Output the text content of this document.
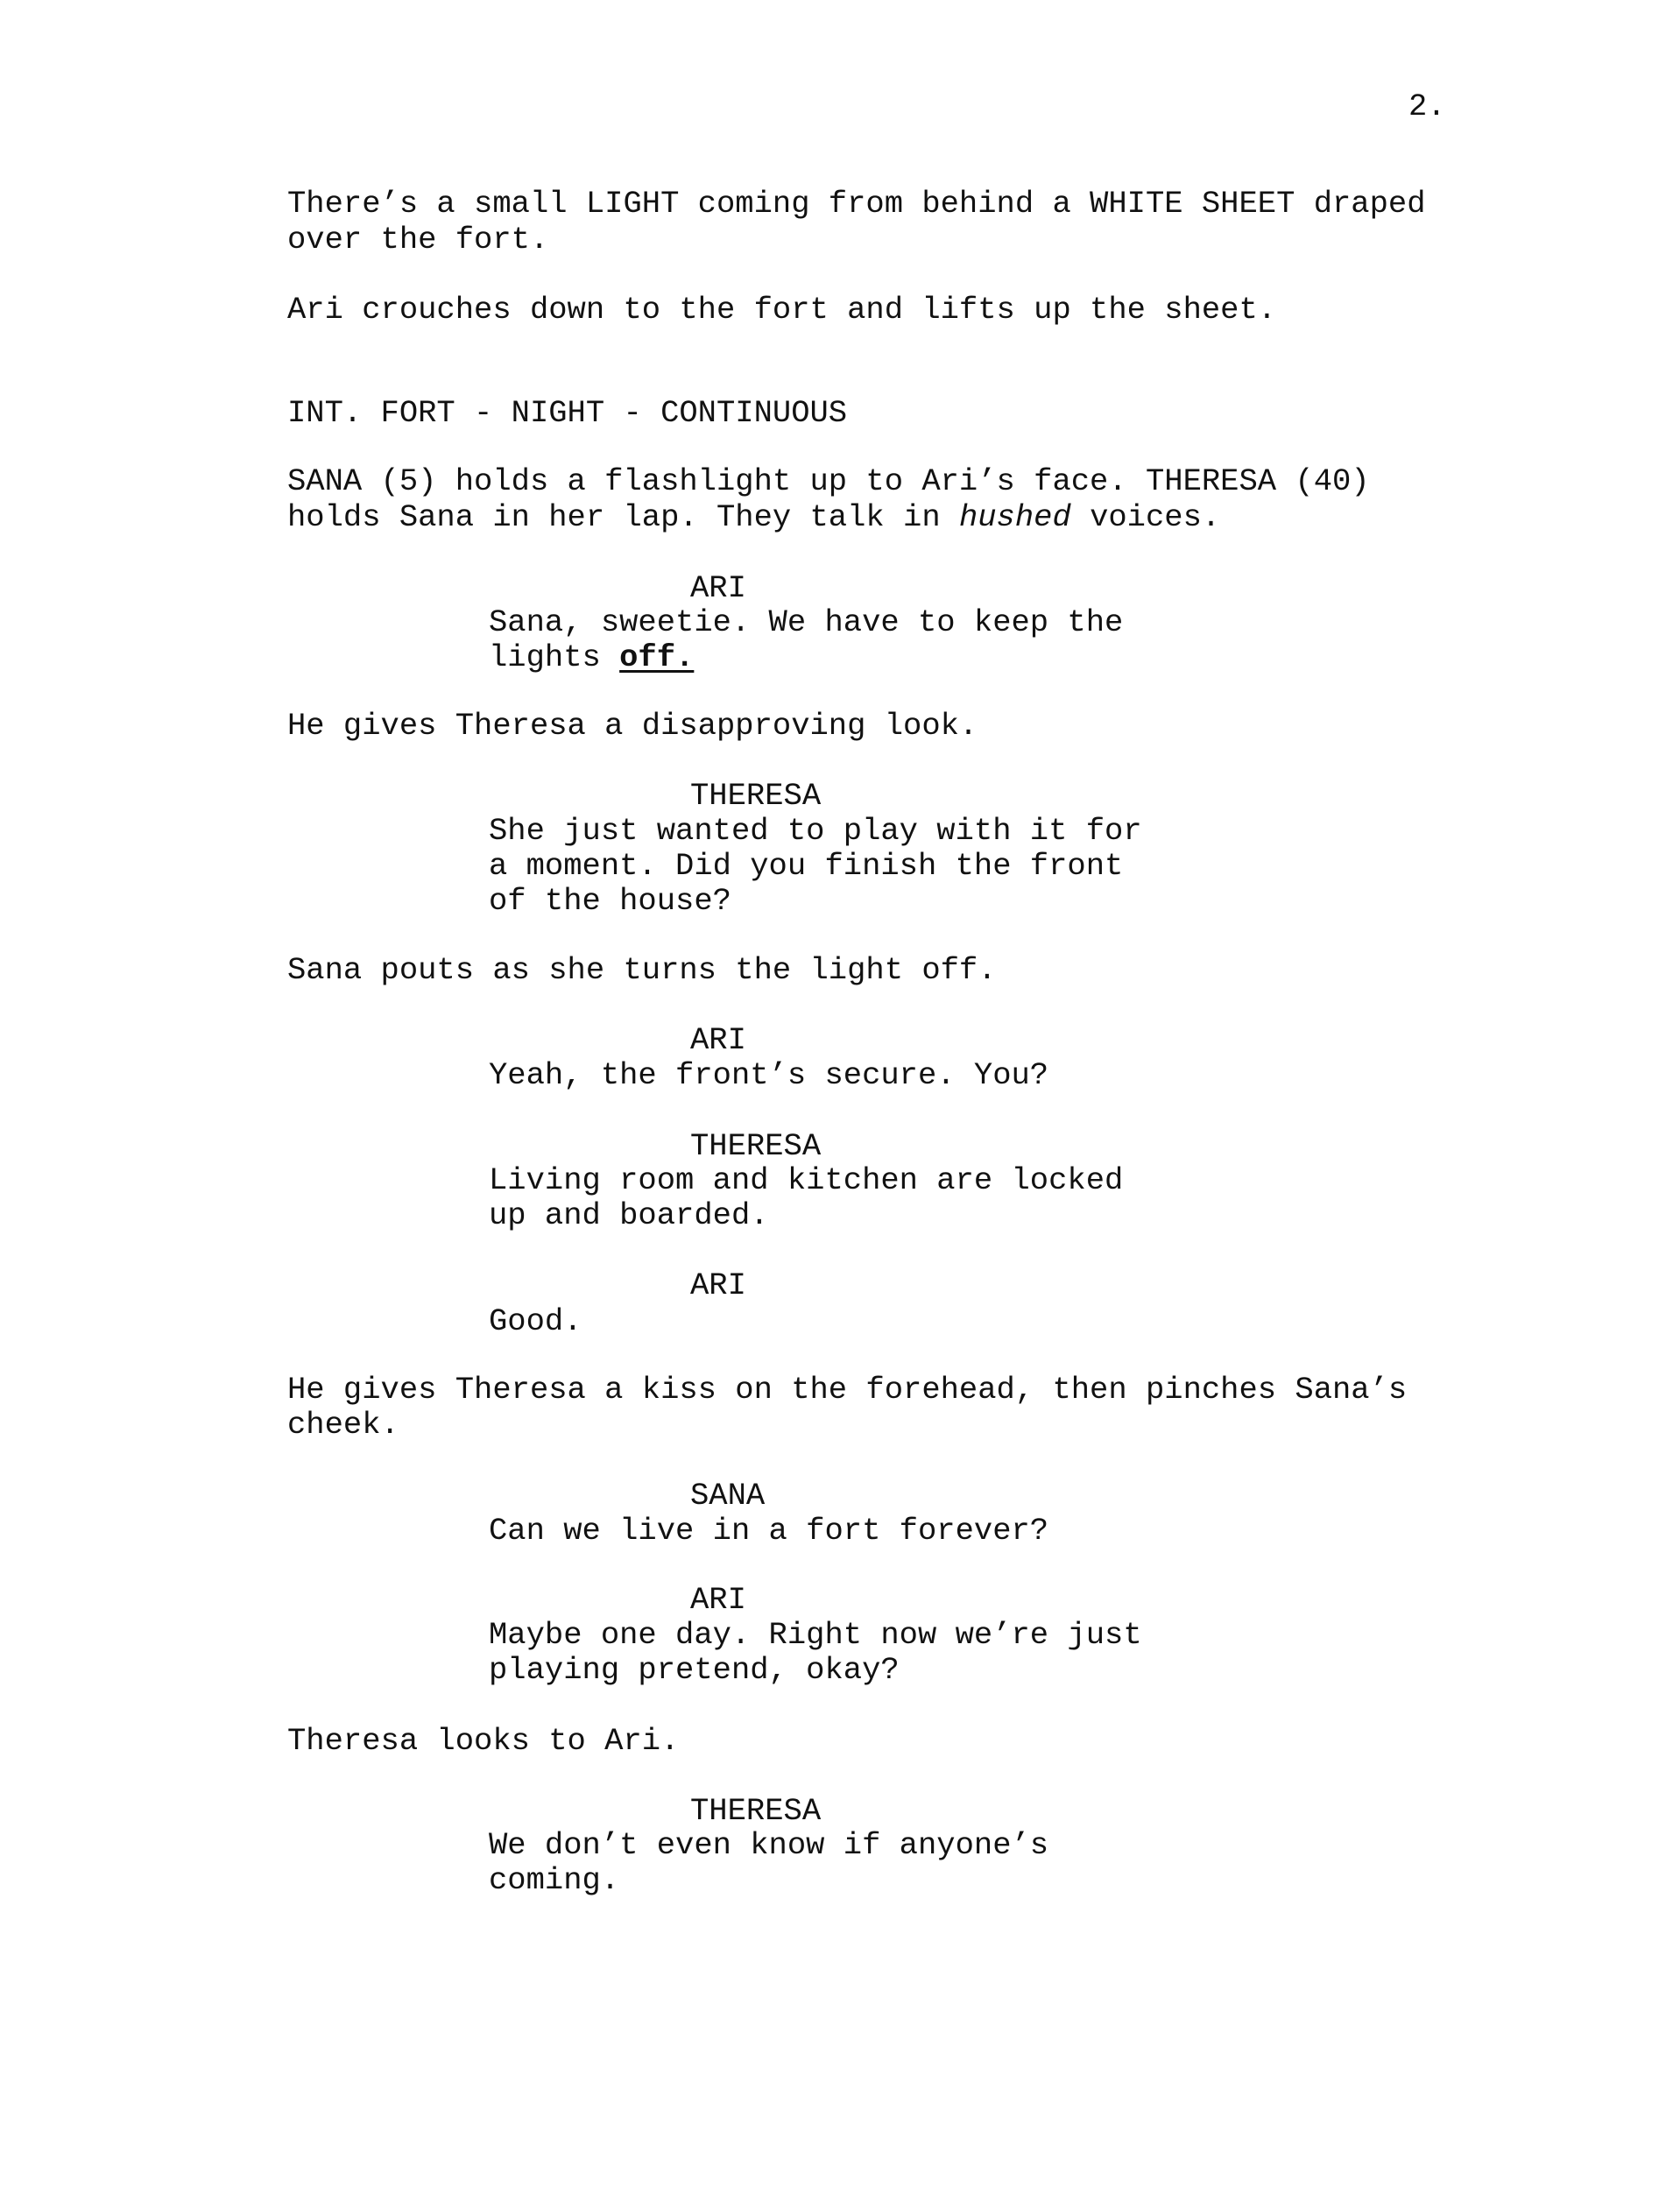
2.
There’s a small LIGHT coming from behind a WHITE SHEET draped
over the fort.
Ari crouches down to the fort and lifts up the sheet.
INT. FORT - NIGHT - CONTINUOUS
SANA (5) holds a flashlight up to Ari’s face. THERESA (40)
holds Sana in her lap. They talk in hushed voices.
ARI
Sana, sweetie. We have to keep the
lights off.
He gives Theresa a disapproving look.
THERESA
She just wanted to play with it for
a moment. Did you finish the front
of the house?
Sana pouts as she turns the light off.
ARI
Yeah, the front’s secure. You?
THERESA
Living room and kitchen are locked
up and boarded.
ARI
Good.
He gives Theresa a kiss on the forehead, then pinches Sana’s
cheek.
SANA
Can we live in a fort forever?
ARI
Maybe one day. Right now we’re just
playing pretend, okay?
Theresa looks to Ari.
THERESA
We don’t even know if anyone’s
coming.
